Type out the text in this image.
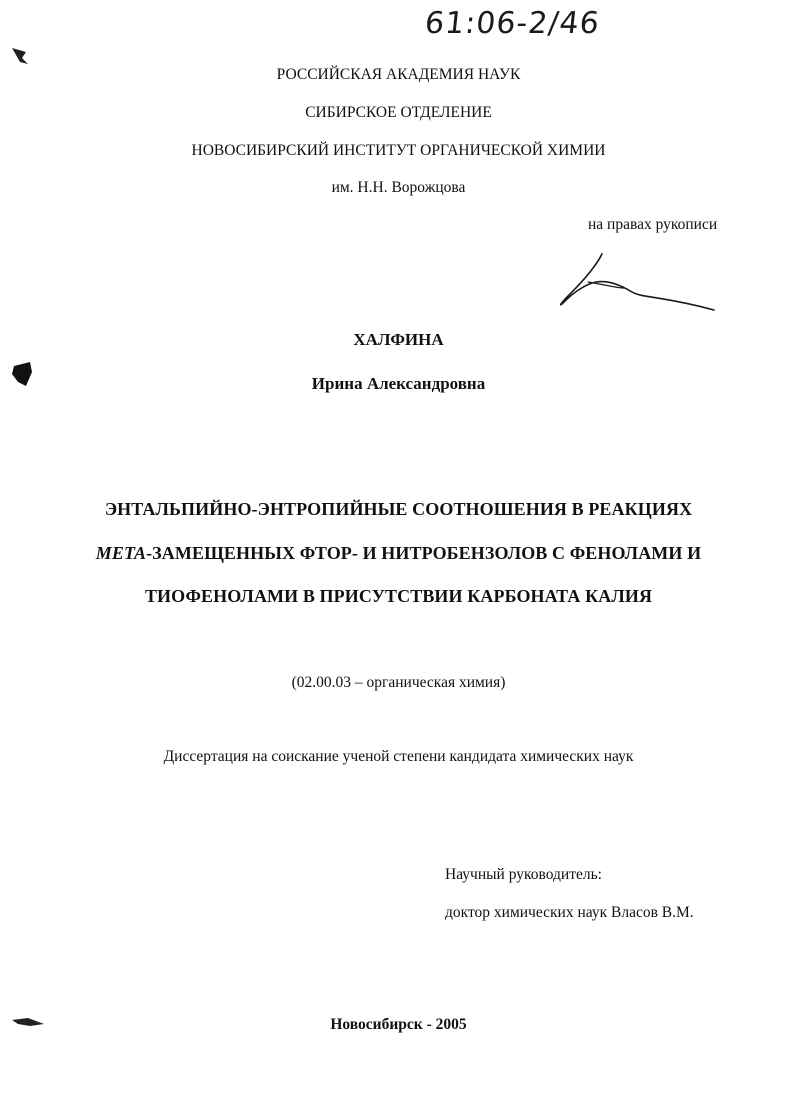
61:06-2/46
РОССИЙСКАЯ АКАДЕМИЯ НАУК
СИБИРСКОЕ ОТДЕЛЕНИЕ
НОВОСИБИРСКИЙ ИНСТИТУТ ОРГАНИЧЕСКОЙ ХИМИИ
им. Н.Н. Ворожцова
на правах рукописи
ХАЛФИНА
Ирина Александровна
ЭНТАЛЬПИЙНО-ЭНТРОПИЙНЫЕ СООТНОШЕНИЯ В РЕАКЦИЯХ
МЕТА-ЗАМЕЩЕННЫХ ФТОР- И НИТРОБЕНЗОЛОВ С ФЕНОЛАМИ И
ТИОФЕНОЛАМИ В ПРИСУТСТВИИ КАРБОНАТА КАЛИЯ
(02.00.03 – органическая химия)
Диссертация на соискание ученой степени кандидата химических наук
Научный руководитель:
доктор химических наук Власов В.М.
Новосибирск - 2005
